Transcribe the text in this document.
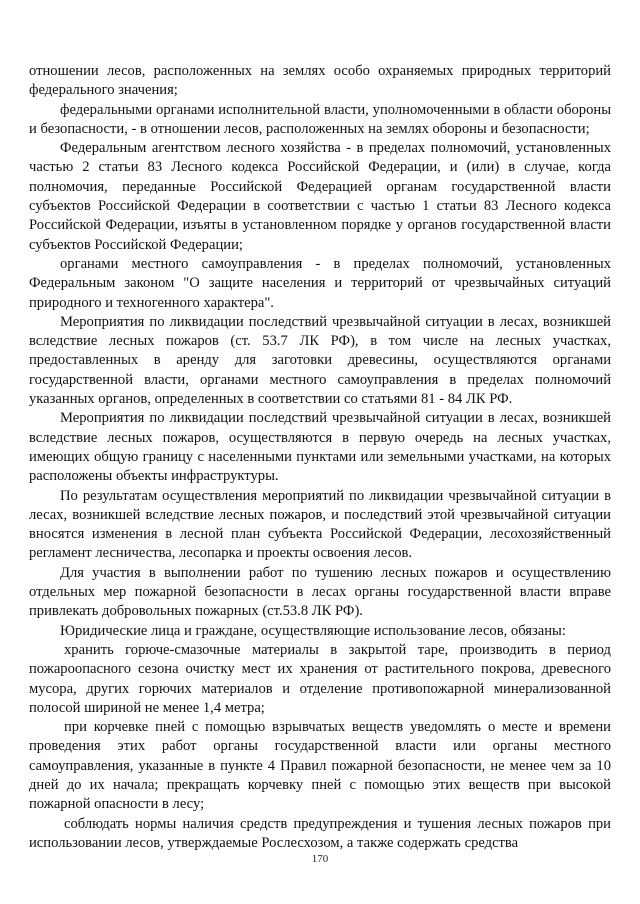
отношении лесов, расположенных на землях особо охраняемых природных территорий федерального значения;

федеральными органами исполнительной власти, уполномоченными в области обороны и безопасности, - в отношении лесов, расположенных на землях обороны и безопасности;

Федеральным агентством лесного хозяйства - в пределах полномочий, установленных частью 2 статьи 83 Лесного кодекса Российской Федерации, и (или) в случае, когда полномочия, переданные Российской Федерацией органам государственной власти субъектов Российской Федерации в соответствии с частью 1 статьи 83 Лесного кодекса Российской Федерации, изъяты в установленном порядке у органов государственной власти субъектов Российской Федерации;

органами местного самоуправления - в пределах полномочий, установленных Федеральным законом "О защите населения и территорий от чрезвычайных ситуаций природного и техногенного характера".

Мероприятия по ликвидации последствий чрезвычайной ситуации в лесах, возникшей вследствие лесных пожаров (ст. 53.7 ЛК РФ), в том числе на лесных участках, предоставленных в аренду для заготовки древесины, осуществляются органами государственной власти, органами местного самоуправления в пределах полномочий указанных органов, определенных в соответствии со статьями 81 - 84 ЛК РФ.

Мероприятия по ликвидации последствий чрезвычайной ситуации в лесах, возникшей вследствие лесных пожаров, осуществляются в первую очередь на лесных участках, имеющих общую границу с населенными пунктами или земельными участками, на которых расположены объекты инфраструктуры.

По результатам осуществления мероприятий по ликвидации чрезвычайной ситуации в лесах, возникшей вследствие лесных пожаров, и последствий этой чрезвычайной ситуации вносятся изменения в лесной план субъекта Российской Федерации, лесохозяйственный регламент лесничества, лесопарка и проекты освоения лесов.

Для участия в выполнении работ по тушению лесных пожаров и осуществлению отдельных мер пожарной безопасности в лесах органы государственной власти вправе привлекать добровольных пожарных (ст.53.8 ЛК РФ).

Юридические лица и граждане, осуществляющие использование лесов, обязаны:

хранить горюче-смазочные материалы в закрытой таре, производить в период пожароопасного сезона очистку мест их хранения от растительного покрова, древесного мусора, других горючих материалов и отделение противопожарной минерализованной полосой шириной не менее 1,4 метра;

при корчевке пней с помощью взрывчатых веществ уведомлять о месте и времени проведения этих работ органы государственной власти или органы местного самоуправления, указанные в пункте 4 Правил пожарной безопасности, не менее чем за 10 дней до их начала; прекращать корчевку пней с помощью этих веществ при высокой пожарной опасности в лесу;

соблюдать нормы наличия средств предупреждения и тушения лесных пожаров при использовании лесов, утверждаемые Рослесхозом, а также содержать средства

170
